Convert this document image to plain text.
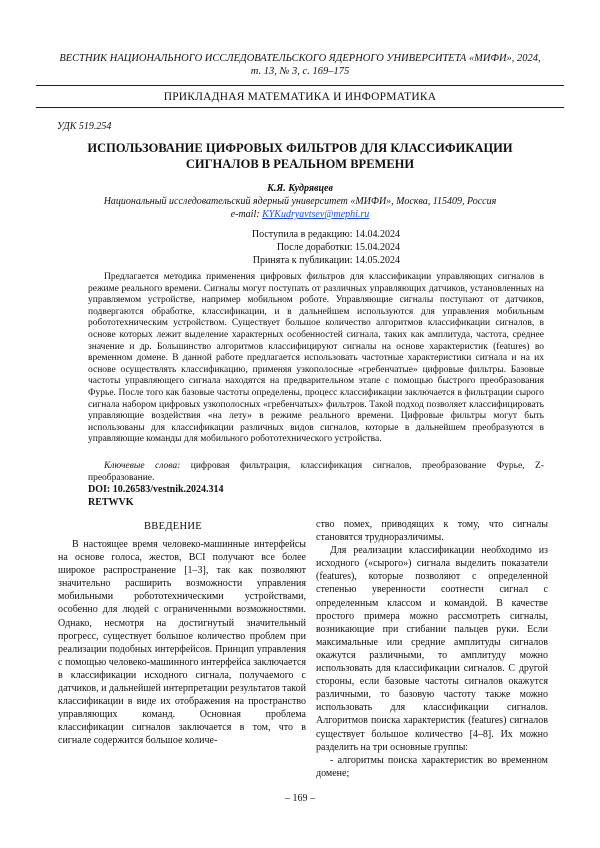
ВЕСТНИК НАЦИОНАЛЬНОГО ИССЛЕДОВАТЕЛЬСКОГО ЯДЕРНОГО УНИВЕРСИТЕТА «МИФИ», 2024,
т. 13, № 3, с. 169–175
ПРИКЛАДНАЯ МАТЕМАТИКА И ИНФОРМАТИКА
УДК 519.254
ИСПОЛЬЗОВАНИЕ ЦИФРОВЫХ ФИЛЬТРОВ ДЛЯ КЛАССИФИКАЦИИ
СИГНАЛОВ В РЕАЛЬНОМ ВРЕМЕНИ
К.Я. Кудрявцев
Национальный исследовательский ядерный университет «МИФИ», Москва, 115409, Россия
e-mail: KYKudryavtsev@mephi.ru
Поступила в редакцию: 14.04.2024
После доработки: 15.04.2024
Принята к публикации: 14.05.2024
Предлагается методика применения цифровых фильтров для классификации управляющих сигналов в режиме реального времени. Сигналы могут поступать от различных управляющих датчиков, установленных на управляемом устройстве, например мобильном роботе. Управляющие сигналы поступают от датчиков, подвергаются обработке, классификации, и в дальнейшем используются для управления мобильным робототехническим устройством. Существует большое количество алгоритмов классификации сигналов, в основе которых лежит выделение характерных особенностей сигнала, таких как амплитуда, частота, среднее значение и др. Большинство алгоритмов классифицируют сигналы на основе характеристик (features) во временном домене. В данной работе предлагается использовать частотные характеристики сигнала и на их основе осуществлять классификацию, применяя узкополосные «гребенчатые» цифровые фильтры. Базовые частоты управляющего сигнала находятся на предварительном этапе с помощью быстрого преобразования Фурье. После того как базовые частоты определены, процесс классификации заключается в фильтрации сырого сигнала набором цифровых узкополосных «гребенчатых» фильтров. Такой подход позволяет классифицировать управляющие воздействия «на лету» в режиме реального времени. Цифровые фильтры могут быть использованы для классификации различных видов сигналов, которые в дальнейшем преобразуются в управляющие команды для мобильного робототехнического устройства.
Ключевые слова: цифровая фильтрация, классификация сигналов, преобразование Фурье, Z-преобразование.
DOI: 10.26583/vestnik.2024.314
RETWVK
ВВЕДЕНИЕ
В настоящее время человеко-машинные интерфейсы на основе голоса, жестов, BCI получают все более широкое распространение [1–3], так как позволяют значительно расширить возможности управления мобильными робототехническими устройствами, особенно для людей с ограниченными возможностями. Однако, несмотря на достигнутый значительный прогресс, существует большое количество проблем при реализации подобных интерфейсов. Принцип управления с помощью человеко-машинного интерфейса заключается в классификации исходного сигнала, получаемого с датчиков, и дальнейшей интерпретации результатов такой классификации в виде их отображения на пространство управляющих команд. Основная проблема классификации сигналов заключается в том, что в сигнале содержится большое количе-

ство помех, приводящих к тому, что сигналы становятся трудноразличимы.

Для реализации классификации необходимо из исходного («сырого») сигнала выделить показатели (features), которые позволяют с определенной степенью уверенности соотнести сигнал с определенным классом и командой. В качестве простого примера можно рассмотреть сигналы, возникающие при сгибании пальцев руки. Если максимальные или средние амплитуды сигналов окажутся различными, то амплитуду можно использовать для классификации сигналов. С другой стороны, если базовые частоты сигналов окажутся различными, то базовую частоту также можно использовать для классификации сигналов. Алгоритмов поиска характеристик (features) сигналов существует большое количество [4–8]. Их можно разделить на три основные группы:

- алгоритмы поиска характеристик во временном домене;

– 169 –
